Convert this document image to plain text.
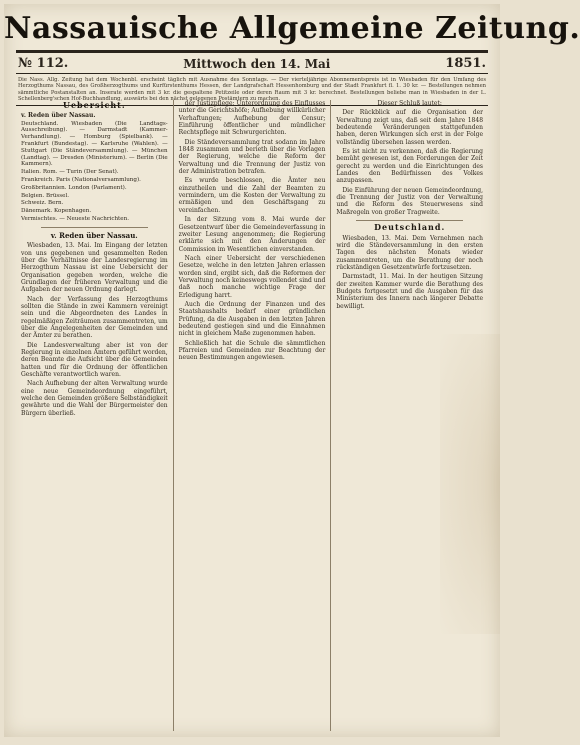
Nassauische Allgemeine Zeitung.
№ 112.	Mittwoch den 14. Mai	1851.
Die Nass. Allg. Zeitung hat dem Wochenbl. erscheint täglich mit Ausnahme des Sonntags. — Der vierteljährige Abonnementspreis ist in Wiesbaden für den Umfang des Herzogthums Nassau, des Großherzogthums und Kurfürstenthums Hessen, der Landgrafschaft Hessenhomburg und der Stadt Frankfurt fl. 1. 30 kr. — Bestellungen nehmen sämmtliche Postanstalten an. Inserate werden mit 3 kr. die gespaltene Petitzeile oder deren Raum mit 3 kr. berechnet. Bestellungen beliebe man in Wiesbaden in der L. Schellenberg'schen Hof-Buchhandlung, auswärts bei den nächst gelegenen Postämtern zu machen.
Uebersicht.
v. Reden über Nassau.
Deutschland. Wiesbaden (Die Landtags-Ausschreibung). — Darmstadt (Kammer-Verhandlung). — Homburg (Spielbank). — Frankfurt (Bundestag). — Karlsruhe (Wahlen). — Stuttgart (Die Ständeversammlung). — München (Landtag). — Dresden (Ministerium). — Berlin (Die Kammern).
Italien. Rom. — Turin (Der Senat).
Frankreich. Paris (Nationalversammlung).
Großbritannien. London (Parlament).
Belgien. Brüssel.
Schweiz. Bern.
Dänemark. Kopenhagen.
Vermischtes. — Neueste Nachrichten.
v. Reden über Nassau.

Wiesbaden, 13. Mai. Im Eingang der letzten von uns gegebenen und gesammelten Reden über die Verhältnisse der Landesregierung im Herzogthum Nassau ist eine Uebersicht der Organisation gegeben worden, welche die Grundlagen der früheren Verwaltung und die Aufgaben der neuen Ordnung darlegt.

Nach der Verfassung des Herzogthums sollten die Stände in zwei Kammern vereinigt sein und die Abgeordneten des Landes in regelmäßigen Zeiträumen zusammentreten, um über die Angelegenheiten der Gemeinden und der Ämter zu berathen.

Die Landesverwaltung aber ist von der Regierung in einzelnen Ämtern geführt worden, deren Beamte die Aufsicht über die Gemeinden hatten und für die Ordnung der öffentlichen Geschäfte verantwortlich waren.

Nach Aufhebung der alten Verwaltung wurde eine neue Gemeindeordnung eingeführt, welche den Gemeinden größere Selbständigkeit gewährte und die Wahl der Bürgermeister den Bürgern überließ.

der Justizpflege; Unterordnung des Einflusses unter die Gerichtshöfe; Aufhebung willkürlicher Verhaftungen; Aufhebung der Censur; Einführung öffentlicher und mündlicher Rechtspflege mit Schwurgerichten.

Die Ständeversammlung trat sodann im Jahre 1848 zusammen und berieth über die Vorlagen der Regierung, welche die Reform der Verwaltung und die Trennung der Justiz von der Administration betrafen.

Es wurde beschlossen, die Ämter neu einzutheilen und die Zahl der Beamten zu vermindern, um die Kosten der Verwaltung zu ermäßigen und den Geschäftsgang zu vereinfachen.

In der Sitzung vom 8. Mai wurde der Gesetzentwurf über die Gemeindeverfassung in zweiter Lesung angenommen; die Regierung erklärte sich mit den Änderungen der Commission im Wesentlichen einverstanden.

Nach einer Uebersicht der verschiedenen Gesetze, welche in den letzten Jahren erlassen worden sind, ergibt sich, daß die Reformen der Verwaltung noch keineswegs vollendet sind und daß noch manche wichtige Frage der Erledigung harrt.

Auch die Ordnung der Finanzen und des Staatshaushalts bedarf einer gründlichen Prüfung, da die Ausgaben in den letzten Jahren bedeutend gestiegen sind und die Einnahmen nicht in gleichem Maße zugenommen haben.

Schließlich hat die Schule die sämmtlichen Pfarreien und Gemeinden zur Beachtung der neuen Bestimmungen angewiesen.

Dieser Schluß lautet:

Der Rückblick auf die Organisation der Verwaltung zeigt uns, daß seit dem Jahre 1848 bedeutende Veränderungen stattgefunden haben, deren Wirkungen sich erst in der Folge vollständig übersehen lassen werden.

Es ist nicht zu verkennen, daß die Regierung bemüht gewesen ist, den Forderungen der Zeit gerecht zu werden und die Einrichtungen des Landes den Bedürfnissen des Volkes anzupassen.

Die Einführung der neuen Gemeindeordnung, die Trennung der Justiz von der Verwaltung und die Reform des Steuerwesens sind Maßregeln von großer Tragweite.

Deutschland.

Wiesbaden, 13. Mai. Dem Vernehmen nach wird die Ständeversammlung in den ersten Tagen des nächsten Monats wieder zusammentreten, um die Berathung der noch rückständigen Gesetzentwürfe fortzusetzen.

Darmstadt, 11. Mai. In der heutigen Sitzung der zweiten Kammer wurde die Berathung des Budgets fortgesetzt und die Ausgaben für das Ministerium des Innern nach längerer Debatte bewilligt.
